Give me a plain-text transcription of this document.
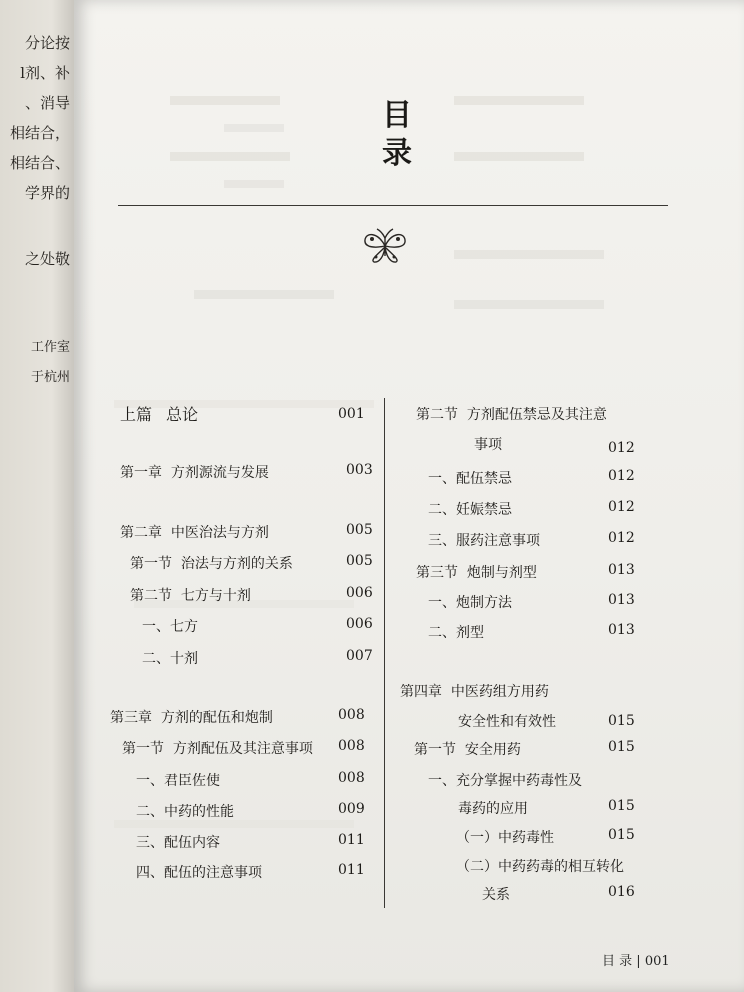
分论按
l剂、补
、消导
相结合，
相结合、
学界的
之处敬
工作室
于杭州
目
录
上篇 总论	001
第一章 方剂源流与发展	003
第二章 中医治法与方剂	005
第一节 治法与方剂的关系	005
第二节 七方与十剂	006
一、七方	006
二、十剂	007
第三章 方剂的配伍和炮制	008
第一节 方剂配伍及其注意事项 008
一、君臣佐使	008
二、中药的性能	009
三、配伍内容	011
四、配伍的注意事项	011
第二节 方剂配伍禁忌及其注意
事项	012
一、配伍禁忌	012
二、妊娠禁忌	012
三、服药注意事项	012
第三节 炮制与剂型	013
一、炮制方法	013
二、剂型	013
第四章 中医药组方用药
安全性和有效性	015
第一节 安全用药	015
一、充分掌握中药毒性及
毒药的应用	015
（一）中药毒性	015
（二）中药药毒的相互转化
关系	016
目 录 | 001
